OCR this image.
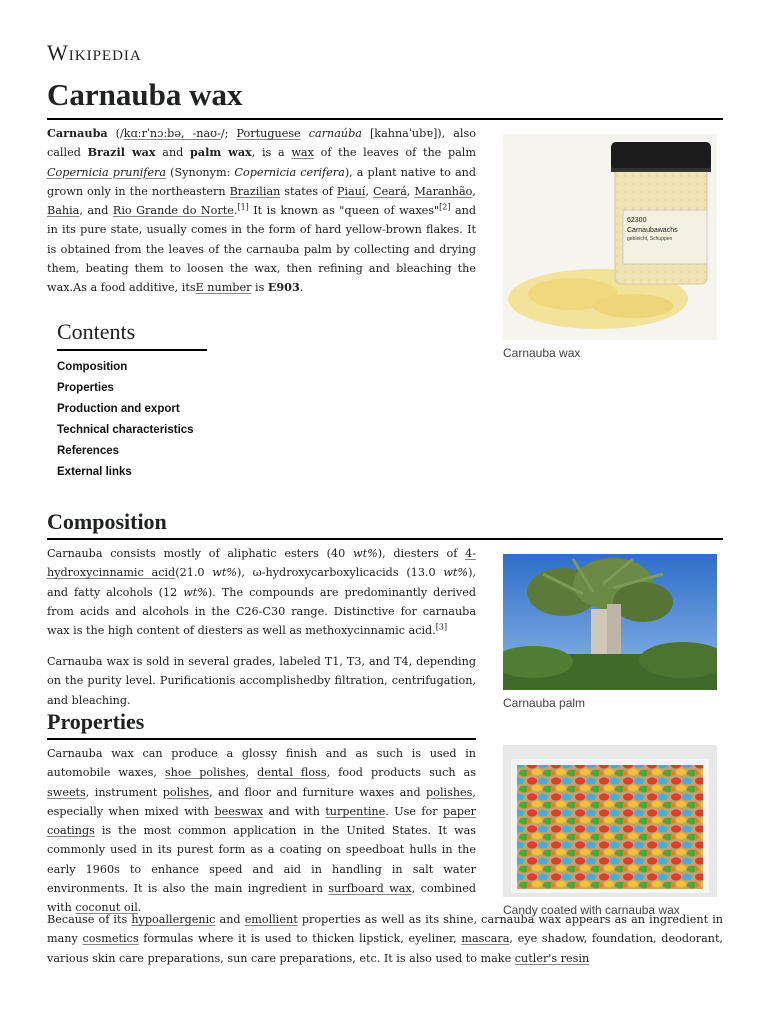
Wikipedia
Carnauba wax

Carnauba (/kɑːrˈnɔːbə, -naʊ-/; Portuguese carnaúba [kahnaˈubɐ]), also called Brazil wax and palm wax, is a wax of the leaves of the palm Copernicia prunifera (Synonym: Copernicia cerifera), a plant native to and grown only in the northeastern Brazilian states of Piauí, Ceará, Maranhão, Bahia, and Rio Grande do Norte.[1] It is known as "queen of waxes"[2] and in its pure state, usually comes in the form of hard yellow-brown flakes. It is obtained from the leaves of the carnauba palm by collecting and drying them, beating them to loosen the wax, then refining and bleaching the wax.As a food additive, itsE number is E903.

Contents
Composition
Properties
Production and export
Technical characteristics
References
External links
Composition

Carnauba consists mostly of aliphatic esters (40 wt%), diesters of 4-hydroxycinnamic acid(21.0 wt%), ω-hydroxycarboxylicacids (13.0 wt%), and fatty alcohols (12 wt%). The compounds are predominantly derived from acids and alcohols in the C26-C30 range. Distinctive for carnauba wax is the high content of diesters as well as methoxycinnamic acid.[3]

Carnauba wax is sold in several grades, labeled T1, T3, and T4, depending on the purity level. Purificationis accomplishedby filtration, centrifugation, and bleaching.

Properties

Carnauba wax can produce a glossy finish and as such is used in automobile waxes, shoe polishes, dental floss, food products such as sweets, instrument polishes, and floor and furniture waxes and polishes, especially when mixed with beeswax and with turpentine. Use for paper coatings is the most common application in the United States. It was commonly used in its purest form as a coating on speedboat hulls in the early 1960s to enhance speed and aid in handling in salt water environments. It is also the main ingredient in surfboard wax, combined with coconut oil.

Because of its hypoallergenic and emollient properties as well as its shine, carnauba wax appears as an ingredient in many cosmetics formulas where it is used to thicken lipstick, eyeliner, mascara, eye shadow, foundation, deodorant, various skin care preparations, sun care preparations, etc. It is also used to make cutler's resin

62300
Carnaubawachs
gebleicht, Schuppen
Carnauba wax
Carnauba palm
Candy coated with carnauba wax
